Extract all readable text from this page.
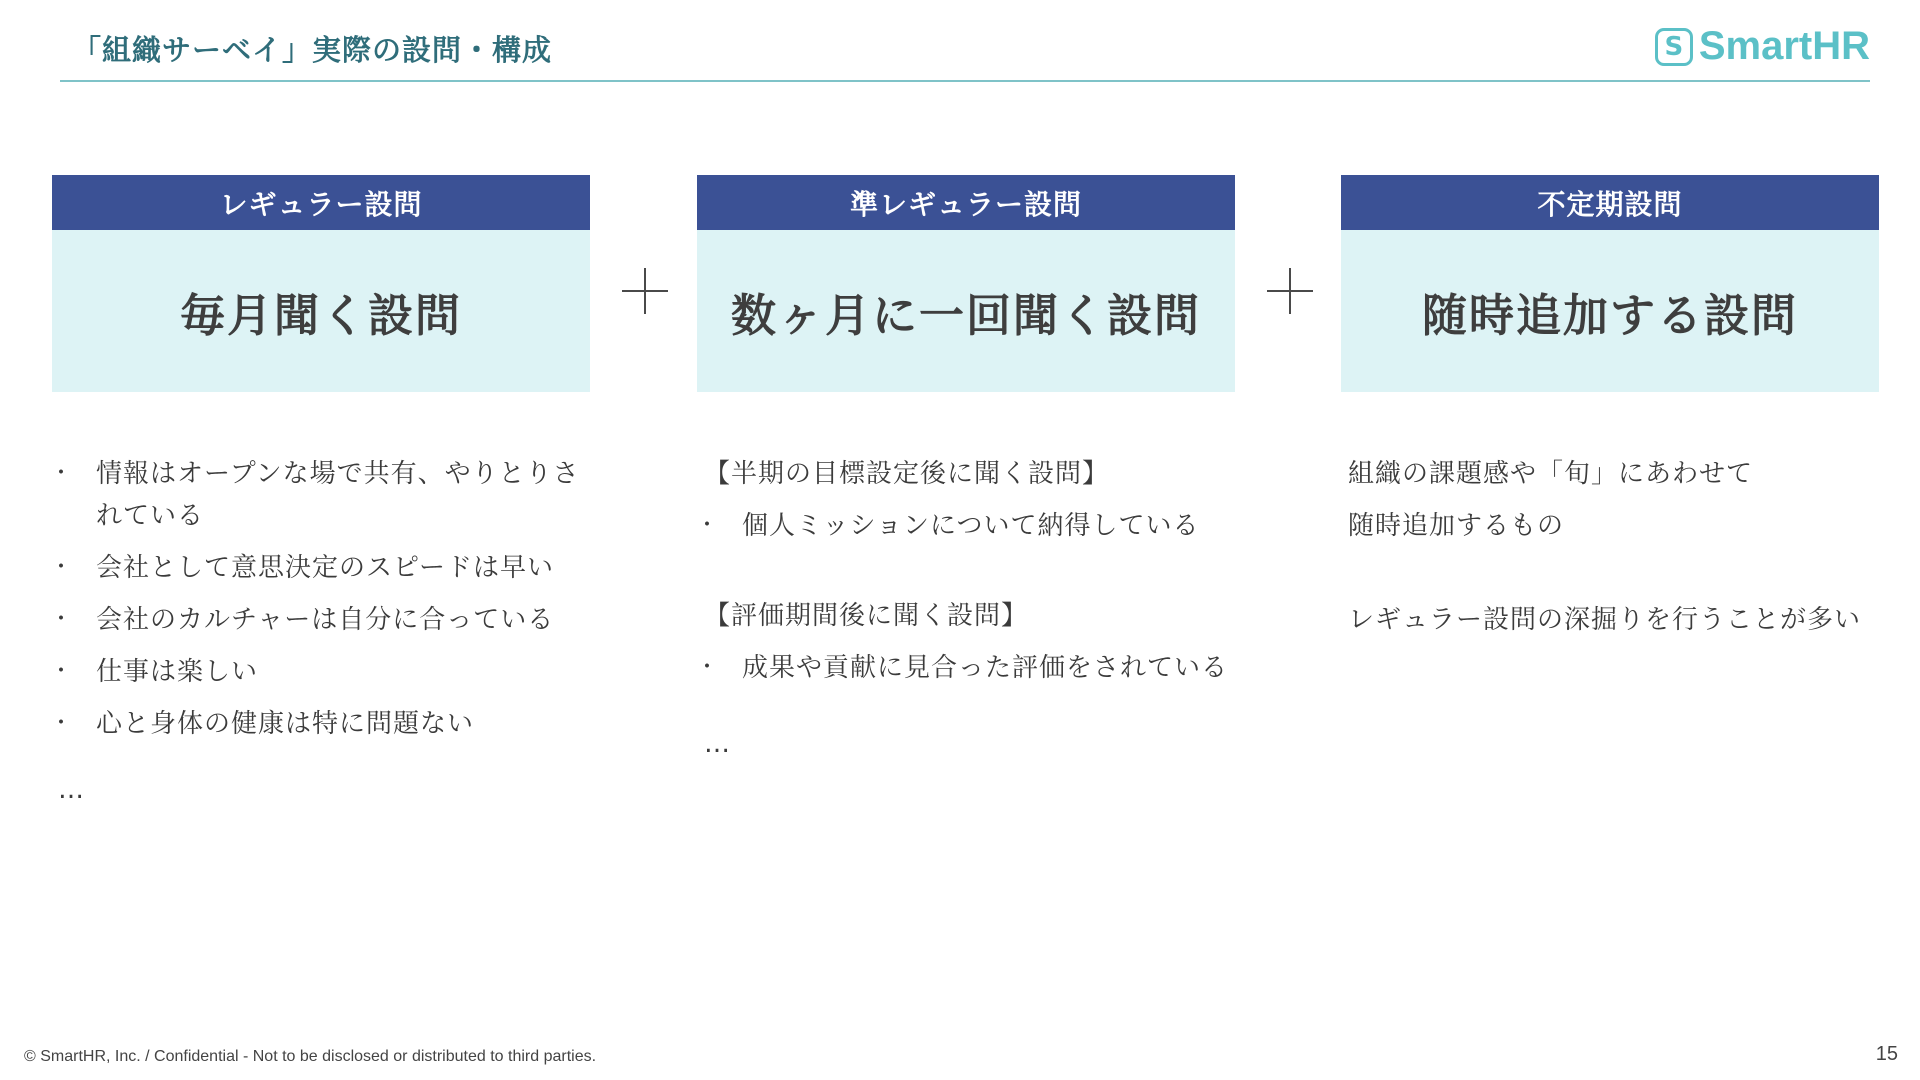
「組織サーベイ」実際の設問・構成	S SmartHR
レギュラー設問
毎月聞く設問
準レギュラー設問
数ヶ月に一回聞く設問
不定期設問
随時追加する設問
・ 情報はオープンな場で共有、やりとりされている
・ 会社として意思決定のスピードは早い
・ 会社のカルチャーは自分に合っている
・ 仕事は楽しい
・ 心と身体の健康は特に問題ない
…
【半期の目標設定後に聞く設問】
・ 個人ミッションについて納得している
【評価期間後に聞く設問】
・ 成果や貢献に見合った評価をされている
…
組織の課題感や「旬」にあわせて
随時追加するもの
レギュラー設問の深掘りを行うことが多い
© SmartHR, Inc. / Confidential - Not to be disclosed or distributed to third parties.	15
